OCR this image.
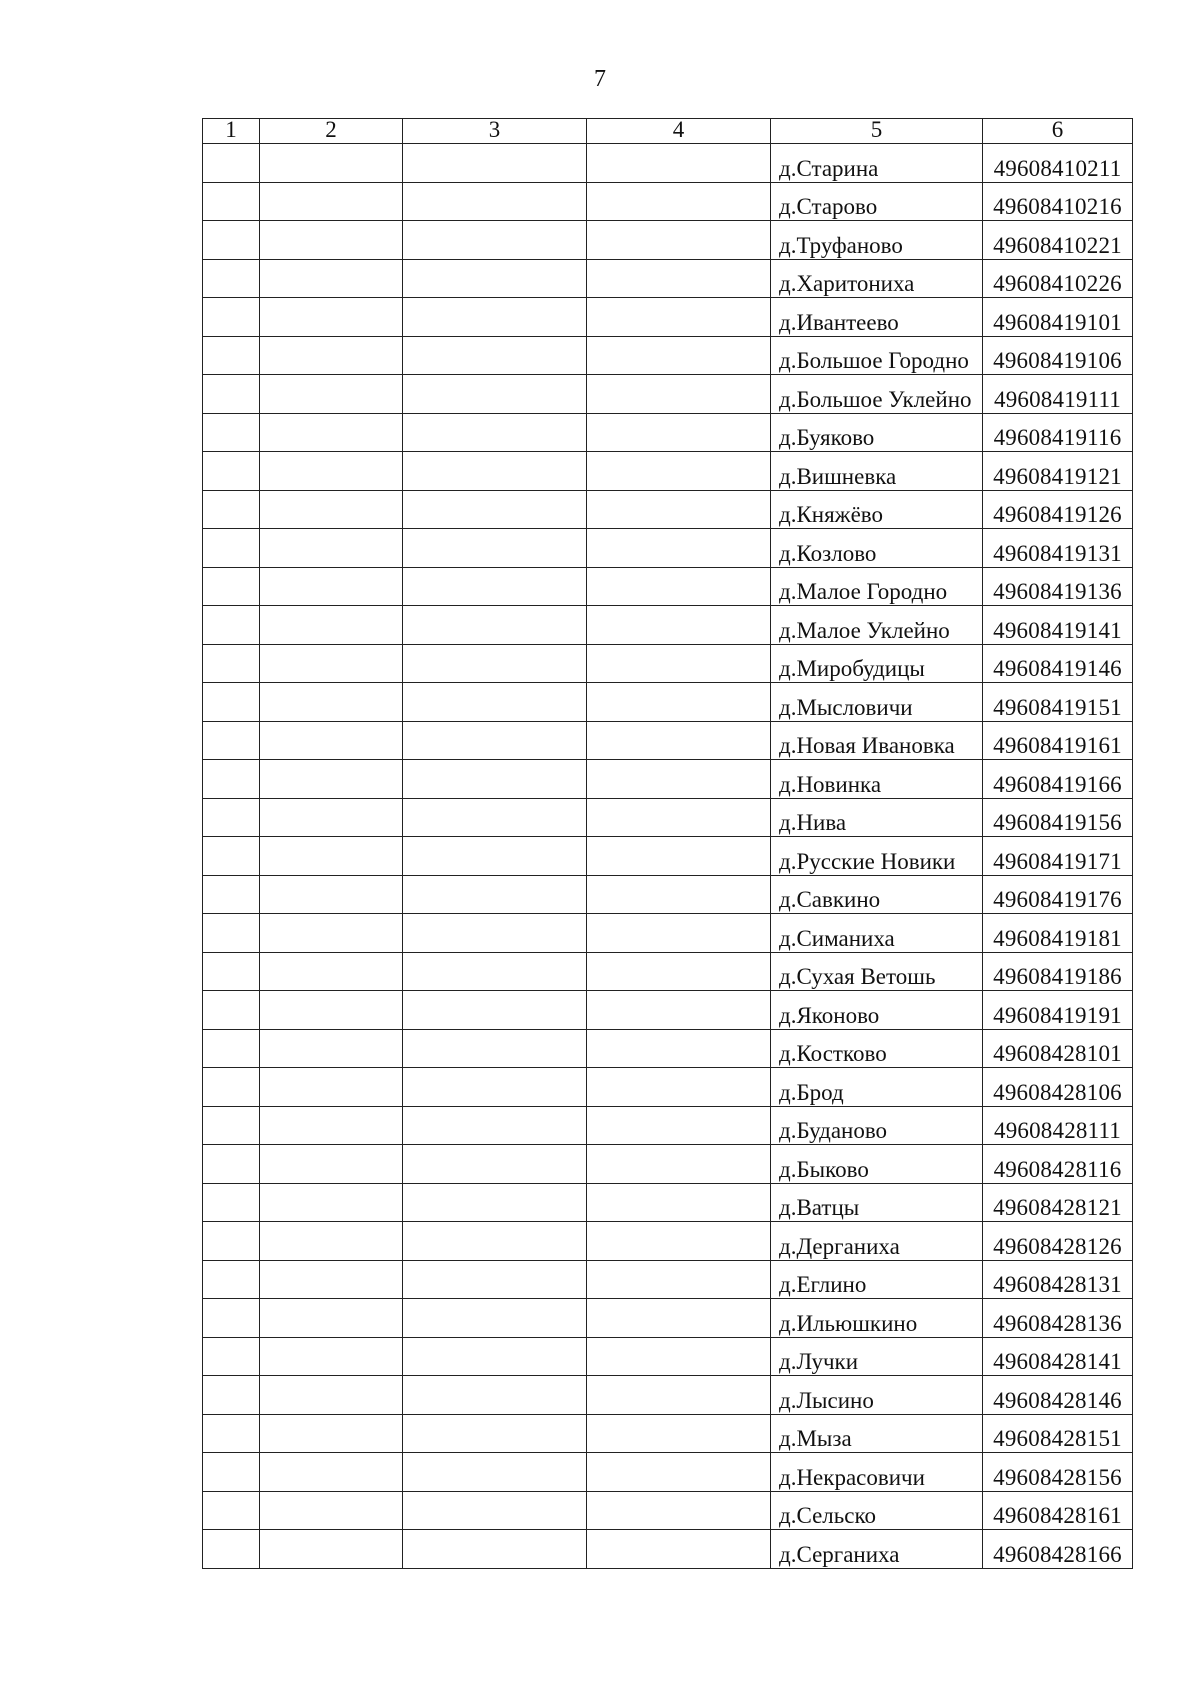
7
1	2	3	4	5	6
				д.Старина	49608410211
				д.Старово	49608410216
				д.Труфаново	49608410221
				д.Харитониха	49608410226
				д.Ивантеево	49608419101
				д.Большое Городно	49608419106
				д.Большое Уклейно	49608419111
				д.Буяково	49608419116
				д.Вишневка	49608419121
				д.Княжёво	49608419126
				д.Козлово	49608419131
				д.Малое Городно	49608419136
				д.Малое Уклейно	49608419141
				д.Миробудицы	49608419146
				д.Мысловичи	49608419151
				д.Новая Ивановка	49608419161
				д.Новинка	49608419166
				д.Нива	49608419156
				д.Русские Новики	49608419171
				д.Савкино	49608419176
				д.Симаниха	49608419181
				д.Сухая Ветошь	49608419186
				д.Яконово	49608419191
				д.Костково	49608428101
				д.Брод	49608428106
				д.Буданово	49608428111
				д.Быково	49608428116
				д.Ватцы	49608428121
				д.Дерганиха	49608428126
				д.Еглино	49608428131
				д.Ильюшкино	49608428136
				д.Лучки	49608428141
				д.Лысино	49608428146
				д.Мыза	49608428151
				д.Некрасовичи	49608428156
				д.Сельско	49608428161
				д.Серганиха	49608428166
